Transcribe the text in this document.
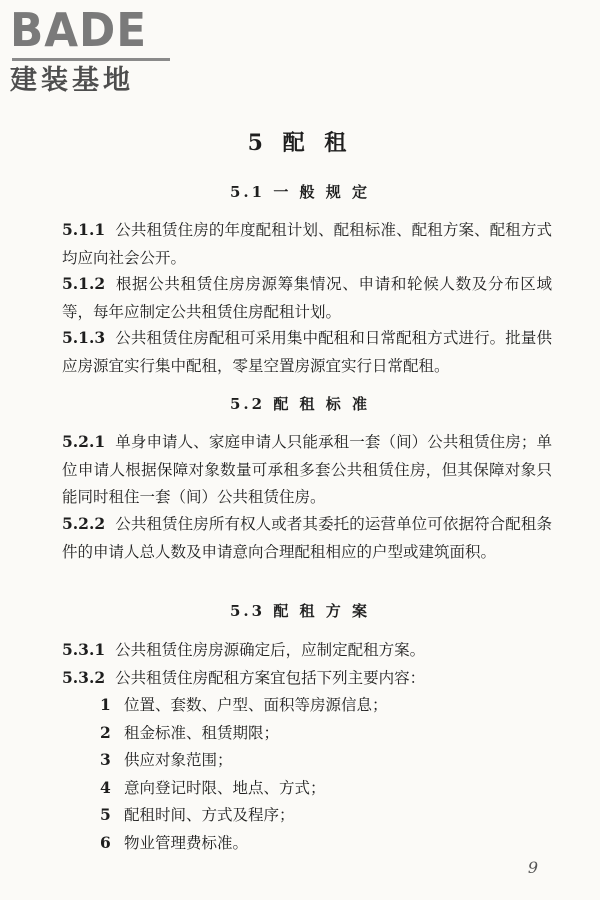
BADE
建装基地
5 配 租
5.1 一 般 规 定
5.1.1 公共租赁住房的年度配租计划、配租标准、配租方案、配租方式均应向社会公开。
5.1.2 根据公共租赁住房房源筹集情况、申请和轮候人数及分布区域等，每年应制定公共租赁住房配租计划。
5.1.3 公共租赁住房配租可采用集中配租和日常配租方式进行。批量供应房源宜实行集中配租，零星空置房源宜实行日常配租。
5.2 配 租 标 准
5.2.1 单身申请人、家庭申请人只能承租一套（间）公共租赁住房；单位申请人根据保障对象数量可承租多套公共租赁住房，但其保障对象只能同时租住一套（间）公共租赁住房。
5.2.2 公共租赁住房所有权人或者其委托的运营单位可依据符合配租条件的申请人总人数及申请意向合理配租相应的户型或建筑面积。
5.3 配 租 方 案
5.3.1 公共租赁住房房源确定后，应制定配租方案。
5.3.2 公共租赁住房配租方案宜包括下列主要内容：
1 位置、套数、户型、面积等房源信息；
2 租金标准、租赁期限；
3 供应对象范围；
4 意向登记时限、地点、方式；
5 配租时间、方式及程序；
6 物业管理费标准。
9
